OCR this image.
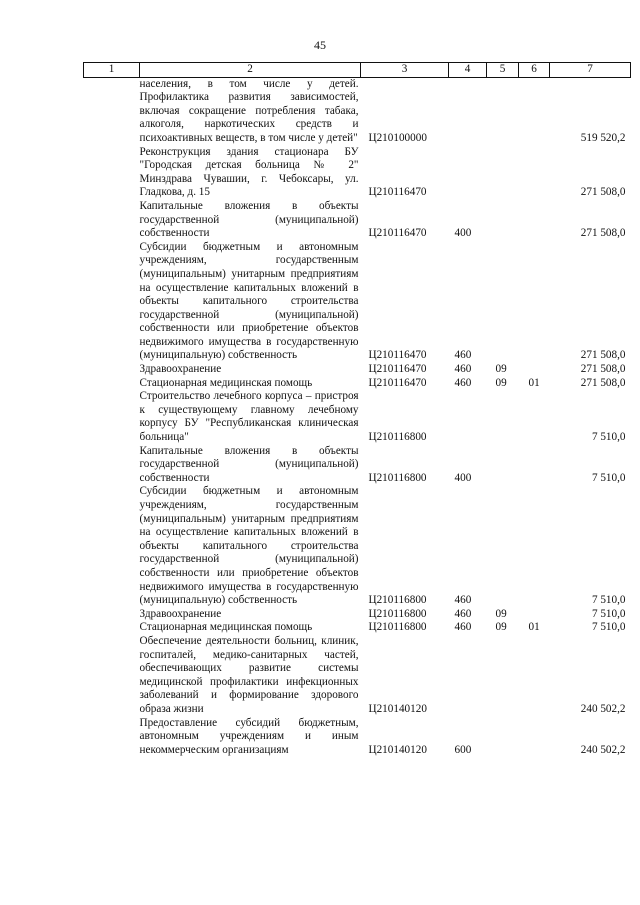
45
1	2	3	4	5	6	7
	населения, в том числе у детей. Профилактика развития зависимостей, включая сокращение потребления табака, алкоголя, наркотических средств и психоактивных веществ, в том числе у детей"	Ц210100000				519 520,2
	Реконструкция здания стационара БУ "Городская детская больница № 2" Минздрава Чувашии, г. Чебоксары, ул. Гладкова, д. 15	Ц210116470				271 508,0
	Капитальные вложения в объекты государственной (муниципальной) собственности	Ц210116470	400			271 508,0
	Субсидии бюджетным и автономным учреждениям, государственным (муниципальным) унитарным предприятиям на осуществление капитальных вложений в объекты капитального строительства государственной (муниципальной) собственности или приобретение объектов недвижимого имущества в государственную (муниципальную) собственность	Ц210116470	460			271 508,0
	Здравоохранение	Ц210116470	460	09		271 508,0
	Стационарная медицинская помощь	Ц210116470	460	09	01	271 508,0
	Строительство лечебного корпуса – пристроя к существующему главному лечебному корпусу БУ "Республиканская клиническая больница"	Ц210116800				7 510,0
	Капитальные вложения в объекты государственной (муниципальной) собственности	Ц210116800	400			7 510,0
	Субсидии бюджетным и автономным учреждениям, государственным (муниципальным) унитарным предприятиям на осуществление капитальных вложений в объекты капитального строительства государственной (муниципальной) собственности или приобретение объектов недвижимого имущества в государственную (муниципальную) собственность	Ц210116800	460			7 510,0
	Здравоохранение	Ц210116800	460	09		7 510,0
	Стационарная медицинская помощь	Ц210116800	460	09	01	7 510,0
	Обеспечение деятельности больниц, клиник, госпиталей, медико-санитарных частей, обеспечивающих развитие системы медицинской профилактики инфекционных заболеваний и формирование здорового образа жизни	Ц210140120				240 502,2
	Предоставление субсидий бюджетным, автономным учреждениям и иным некоммерческим организациям	Ц210140120	600			240 502,2
